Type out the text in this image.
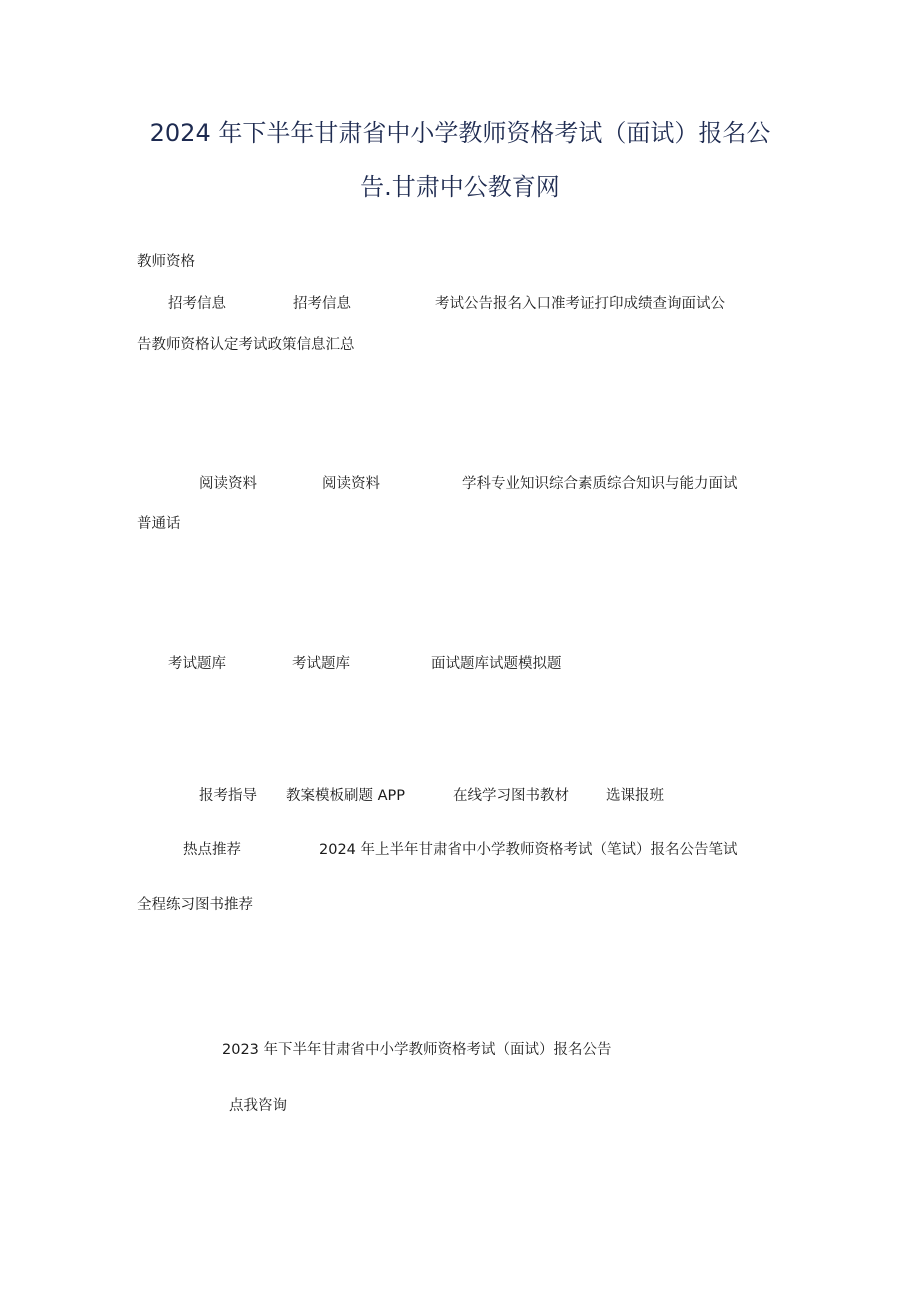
2024 年下半年甘肃省中小学教师资格考试（面试）报名公
告.甘肃中公教育网
教师资格
招考信息	招考信息	考试公告报名入口准考证打印成绩查询面试公
告教师资格认定考试政策信息汇总
阅读资料	阅读资料	学科专业知识综合素质综合知识与能力面试
普通话
考试题库	考试题库	面试题库试题模拟题
报考指导 教案模板刷题 APP	在线学习图书教材	选课报班
热点推荐	2024 年上半年甘肃省中小学教师资格考试（笔试）报名公告笔试
全程练习图书推荐
2023 年下半年甘肃省中小学教师资格考试（面试）报名公告
点我咨询
